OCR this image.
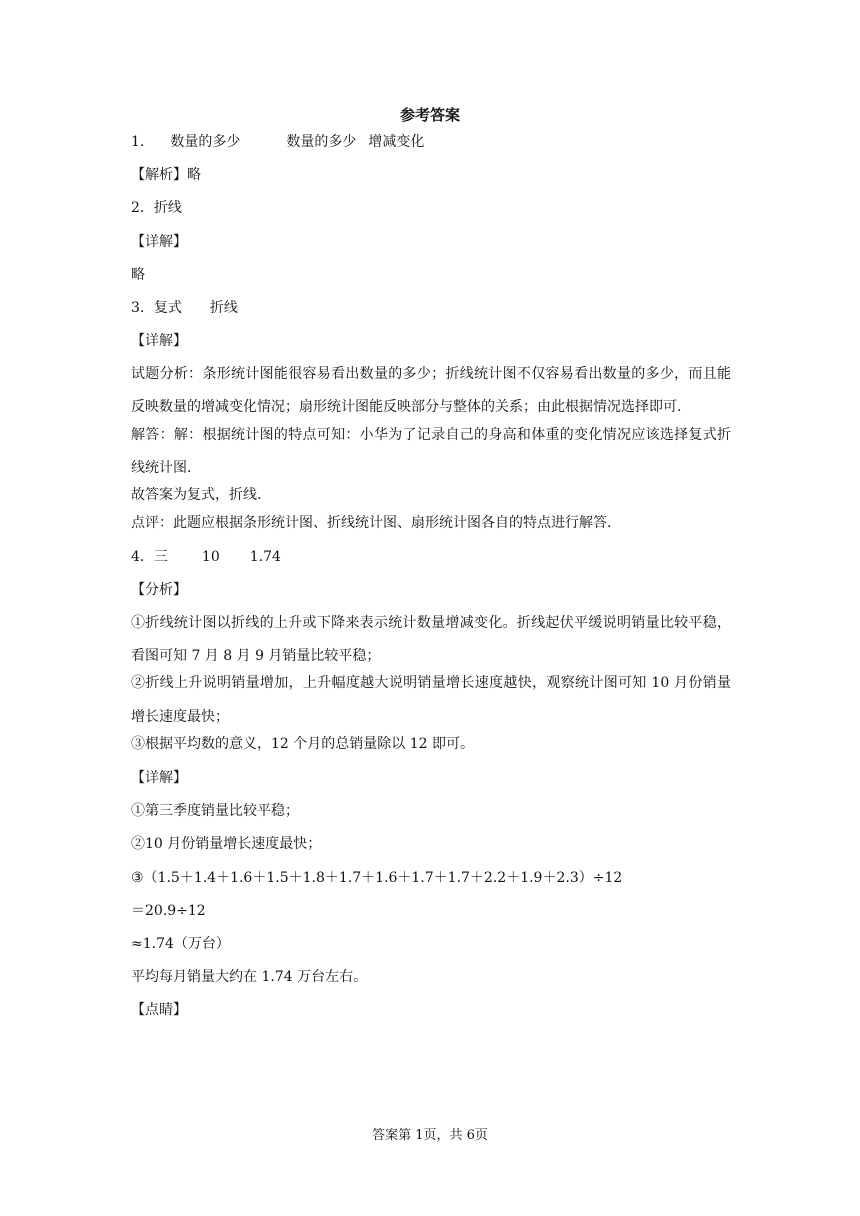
参考答案
1. 数量的多少	数量的多少 增减变化
【解析】略
2．折线
【详解】
略
3．复式 折线
【详解】
试题分析：条形统计图能很容易看出数量的多少；折线统计图不仅容易看出数量的多少，而且能反映数量的增减变化情况；扇形统计图能反映部分与整体的关系；由此根据情况选择即可.
解答：解：根据统计图的特点可知：小华为了记录自己的身高和体重的变化情况应该选择复式折线统计图.
故答案为复式，折线.
点评：此题应根据条形统计图、折线统计图、扇形统计图各自的特点进行解答.
4．三 10 1.74
【分析】
①折线统计图以折线的上升或下降来表示统计数量增减变化。折线起伏平缓说明销量比较平稳，看图可知 7 月 8 月 9 月销量比较平稳；
②折线上升说明销量增加，上升幅度越大说明销量增长速度越快，观察统计图可知 10 月份销量增长速度最快；
③根据平均数的意义，12 个月的总销量除以 12 即可。
【详解】
①第三季度销量比较平稳；
②10 月份销量增长速度最快；
③（1.5＋1.4＋1.6＋1.5＋1.8＋1.7＋1.6＋1.7＋1.7＋2.2＋1.9＋2.3）÷12
＝20.9÷12
≈1.74（万台）
平均每月销量大约在 1.74 万台左右。
【点睛】
答案第 1页，共 6页
